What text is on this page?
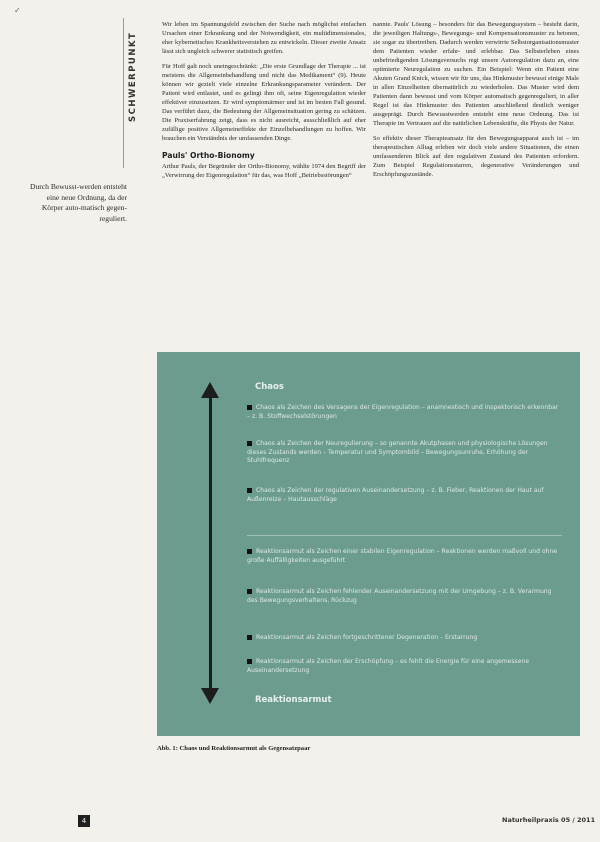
✓
SCHWERPUNKT
Durch Bewusst-werden entsteht eine neue Ordnung, da der Körper auto-matisch gegen-reguliert.

Wir leben im Spannungsfeld zwischen der Suche nach möglichst einfachen Ursachen einer Erkrankung und der Notwendigkeit, ein multidimensionales, eher kybernetisches Krankheitsverstehen zu entwickeln. Dieser zweite Ansatz lässt sich ungleich schwerer statistisch greifen.

Für Hoff galt noch uneingeschränkt: „Die erste Grundlage der Therapie ... ist meistens die Allgemeinbehandlung und nicht das Medikament“ (9). Heute können wir gezielt viele einzelne Erkrankungsparameter verändern. Der Patient wird entlastet, und es gelingt ihm oft, seine Eigenregulation wieder effektiver einzusetzen. Er wird symptomärmer und ist im besten Fall gesund. Das verführt dazu, die Bedeutung der Allgemeinsituation gering zu schätzen. Die Praxiserfahrung zeigt, dass es nicht ausreicht, ausschließlich auf eher zufällige positive Allgemeineffekte der Einzelbehandlungen zu hoffen. Wir brauchen ein Verständnis der umfassenden Dinge.

Pauls' Ortho-Bionomy

Arthur Pauls, der Begründer der Ortho-Bionomy, wählte 1974 den Begriff der „Verwirrung der Eigenregulation“ für das, was Hoff „Betriebsstörungen“

nannte. Pauls' Lösung – besonders für das Bewegungssystem – besteht darin, die jeweiligen Haltungs-, Bewegungs- und Kompensationsmuster zu betonen, sie sogar zu übertreiben. Dadurch werden verwirrte Selbstorganisationsmuster dem Patienten wieder erfahr- und erlebbar. Das Selbsterleben eines unbefriedigenden Lösungsversuchs regt unsere Autoregulation dazu an, eine optimierte Neuregulation zu suchen. Ein Beispiel: Wenn ein Patient eine Akuten Grand Knick, wissen wir für uns, das Hinkmuster bewusst einige Male in allen Einzelheiten übernatürlich zu wiederholen. Das Muster wird dem Patienten dann bewusst und vom Körper automatisch gegenreguliert, in aller Regel ist das Hinkmuster des Patienten anschließend deutlich weniger ausgeprägt. Durch Bewusstwerden entsteht eine neue Ordnung. Das ist Therapie im Vertrauen auf die natürlichen Lebenskräfte, die Physis der Natur.

So effektiv dieser Therapieansatz für den Bewegungsapparat auch ist – im therapeutischen Alltag erleben wir doch viele andere Situationen, die einen umfassenderen Blick auf den regulativen Zustand des Patienten erfordern. Zum Beispiel Regulationsstarren, degenerative Veränderungen und Erschöpfungszustände.

Chaos
Chaos als Zeichen des Versagens der Eigenregulation – anamnestisch und inspektorisch erkennbar – z. B. Stoffwechselstörungen
Chaos als Zeichen der Neuregulierung – so genannte Akutphasen und physiologische Lösungen dieses Zustands werden – Temperatur und Symptombild – Bewegungsunruhe, Erhöhung der Stuhlfrequenz
Chaos als Zeichen der regulativen Auseinandersetzung – z. B. Fieber, Reaktionen der Haut auf Außenreize – Hautausschläge
Reaktionsarmut als Zeichen einer stabilen Eigenregulation – Reaktionen werden maßvoll und ohne große Auffälligkeiten ausgeführt
Reaktionsarmut als Zeichen fehlender Auseinandersetzung mit der Umgebung – z. B. Verarmung des Bewegungsverhaltens, Rückzug
Reaktionsarmut als Zeichen fortgeschrittener Degeneration – Erstarrung
Reaktionsarmut als Zeichen der Erschöpfung – es fehlt die Energie für eine angemessene Auseinandersetzung
Reaktionsarmut
Abb. 1: Chaos und Reaktionsarmut als Gegensatzpaar
4	Naturheilpraxis 05 / 2011
